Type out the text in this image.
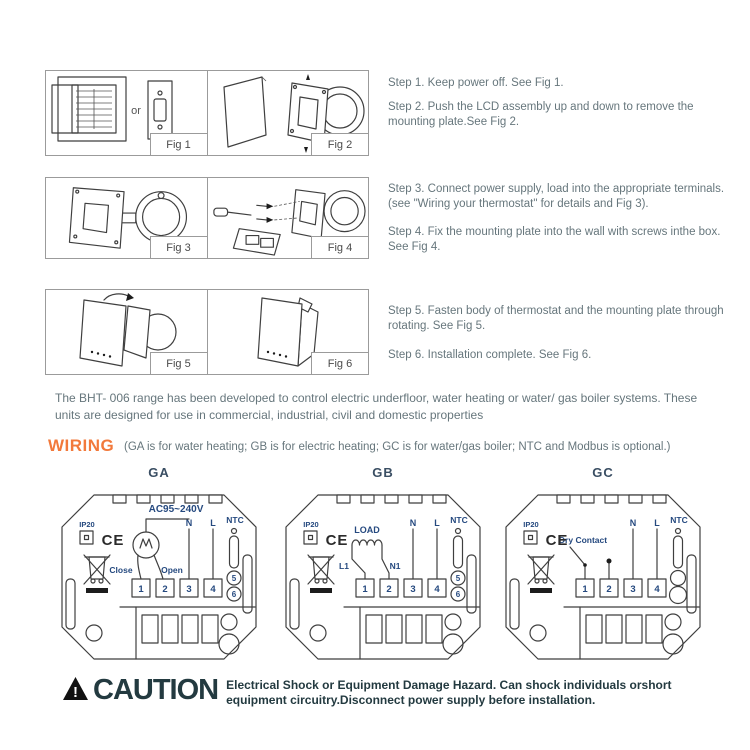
or
Fig 1	Fig 2
Fig 3	Fig 4
Fig 5	Fig 6
Step 1. Keep power off. See Fig 1.
Step 2. Push the LCD assembly up and down to remove the mounting plate.See Fig 2.
Step 3. Connect power supply, load into the appropriate terminals. (see "Wiring your thermostat" for details and Fig 3).
Step 4. Fix the mounting plate into the wall with screws inthe box. See Fig 4.
Step 5. Fasten body of thermostat and the mounting plate through rotating. See Fig 5.
Step 6. Installation complete. See Fig 6.
The BHT- 006 range has been developed to control electric underfloor, water heating or water/ gas boiler systems. These units are designed for use in commercial, industrial, civil and domestic properties
WIRING (GA is for water heating; GB is for electric heating; GC is for water/gas boiler; NTC and Modbus is optional.)
GA
1 2 3 4
N L
AC95~240V
Close	Open
NTC
5
6
IP20
CE
GB
1 2 3 4
N L
LOAD
L1	N1
NTC
5
6
IP20
CE
GC
1 2 3 4
N L
Dry Contact
NTC
IP20
CE
! CAUTION Electrical Shock or Equipment Damage Hazard. Can shock individuals orshort
equipment circuitry.Disconnect power supply before installation.
